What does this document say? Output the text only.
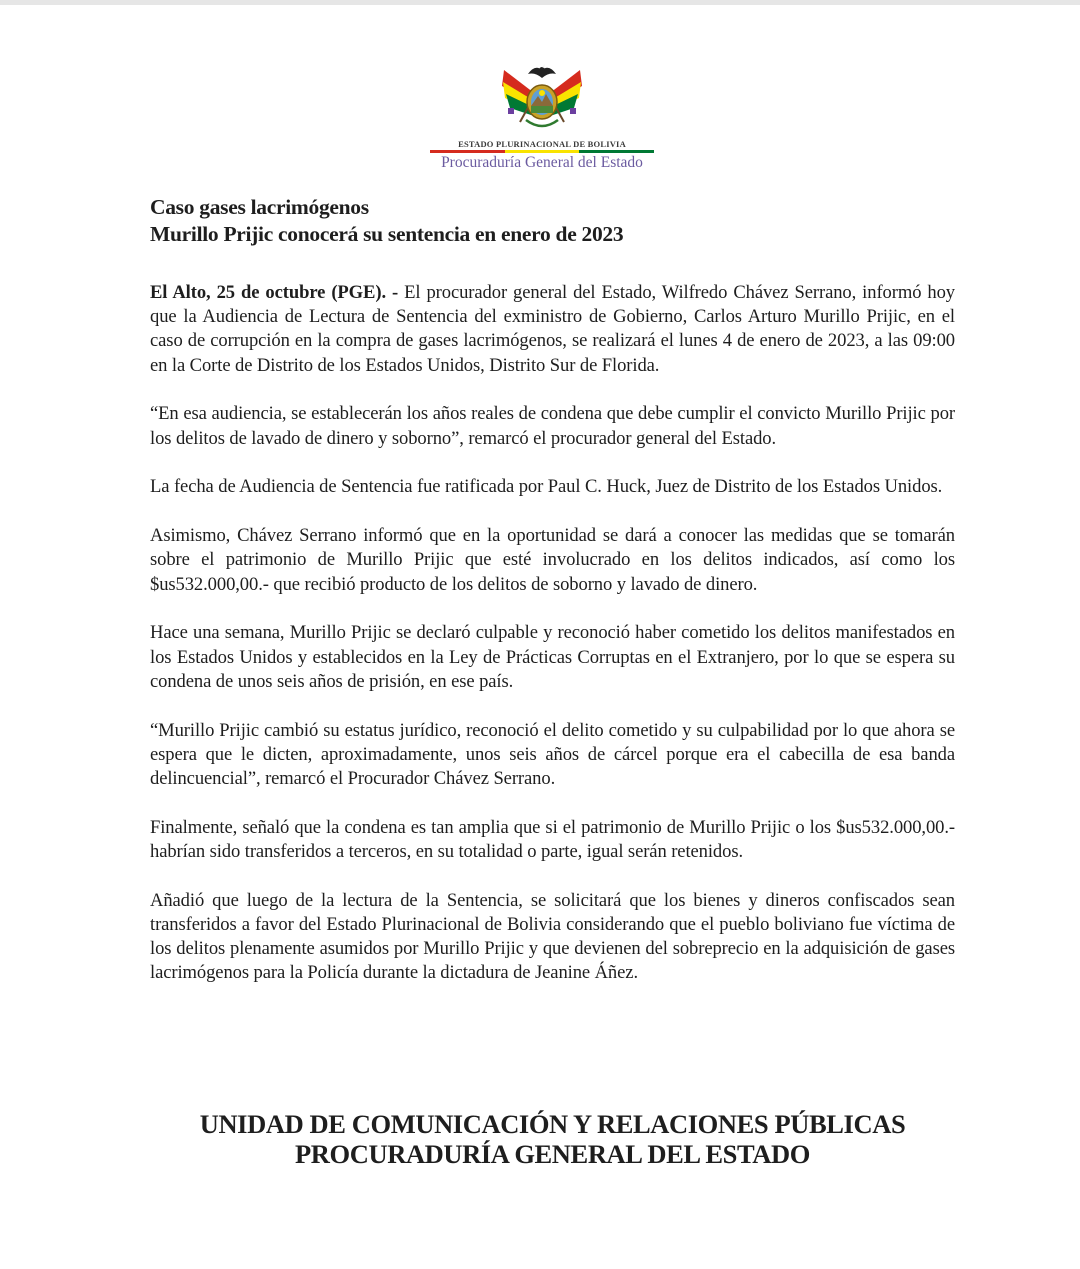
ESTADO PLURINACIONAL DE BOLIVIA
Procuraduría General del Estado
Caso gases lacrimógenos
Murillo Prijic conocerá su sentencia en enero de 2023

El Alto, 25 de octubre (PGE). - El procurador general del Estado, Wilfredo Chávez Serrano, informó hoy que la Audiencia de Lectura de Sentencia del exministro de Gobierno, Carlos Arturo Murillo Prijic, en el caso de corrupción en la compra de gases lacrimógenos, se realizará el lunes 4 de enero de 2023, a las 09:00 en la Corte de Distrito de los Estados Unidos, Distrito Sur de Florida.

“En esa audiencia, se establecerán los años reales de condena que debe cumplir el convicto Murillo Prijic por los delitos de lavado de dinero y soborno”, remarcó el procurador general del Estado.

La fecha de Audiencia de Sentencia fue ratificada por Paul C. Huck, Juez de Distrito de los Estados Unidos.

Asimismo, Chávez Serrano informó que en la oportunidad se dará a conocer las medidas que se tomarán sobre el patrimonio de Murillo Prijic que esté involucrado en los delitos indicados, así como los $us532.000,00.- que recibió producto de los delitos de soborno y lavado de dinero.

Hace una semana, Murillo Prijic se declaró culpable y reconoció haber cometido los delitos manifestados en los Estados Unidos y establecidos en la Ley de Prácticas Corruptas en el Extranjero, por lo que se espera su condena de unos seis años de prisión, en ese país.

“Murillo Prijic cambió su estatus jurídico, reconoció el delito cometido y su culpabilidad por lo que ahora se espera que le dicten, aproximadamente, unos seis años de cárcel porque era el cabecilla de esa banda delincuencial”, remarcó el Procurador Chávez Serrano.

Finalmente, señaló que la condena es tan amplia que si el patrimonio de Murillo Prijic o los $us532.000,00.- habrían sido transferidos a terceros, en su totalidad o parte, igual serán retenidos.

Añadió que luego de la lectura de la Sentencia, se solicitará que los bienes y dineros confiscados sean transferidos a favor del Estado Plurinacional de Bolivia considerando que el pueblo boliviano fue víctima de los delitos plenamente asumidos por Murillo Prijic y que devienen del sobreprecio en la adquisición de gases lacrimógenos para la Policía durante la dictadura de Jeanine Áñez.

UNIDAD DE COMUNICACIÓN Y RELACIONES PÚBLICAS
PROCURADURÍA GENERAL DEL ESTADO
